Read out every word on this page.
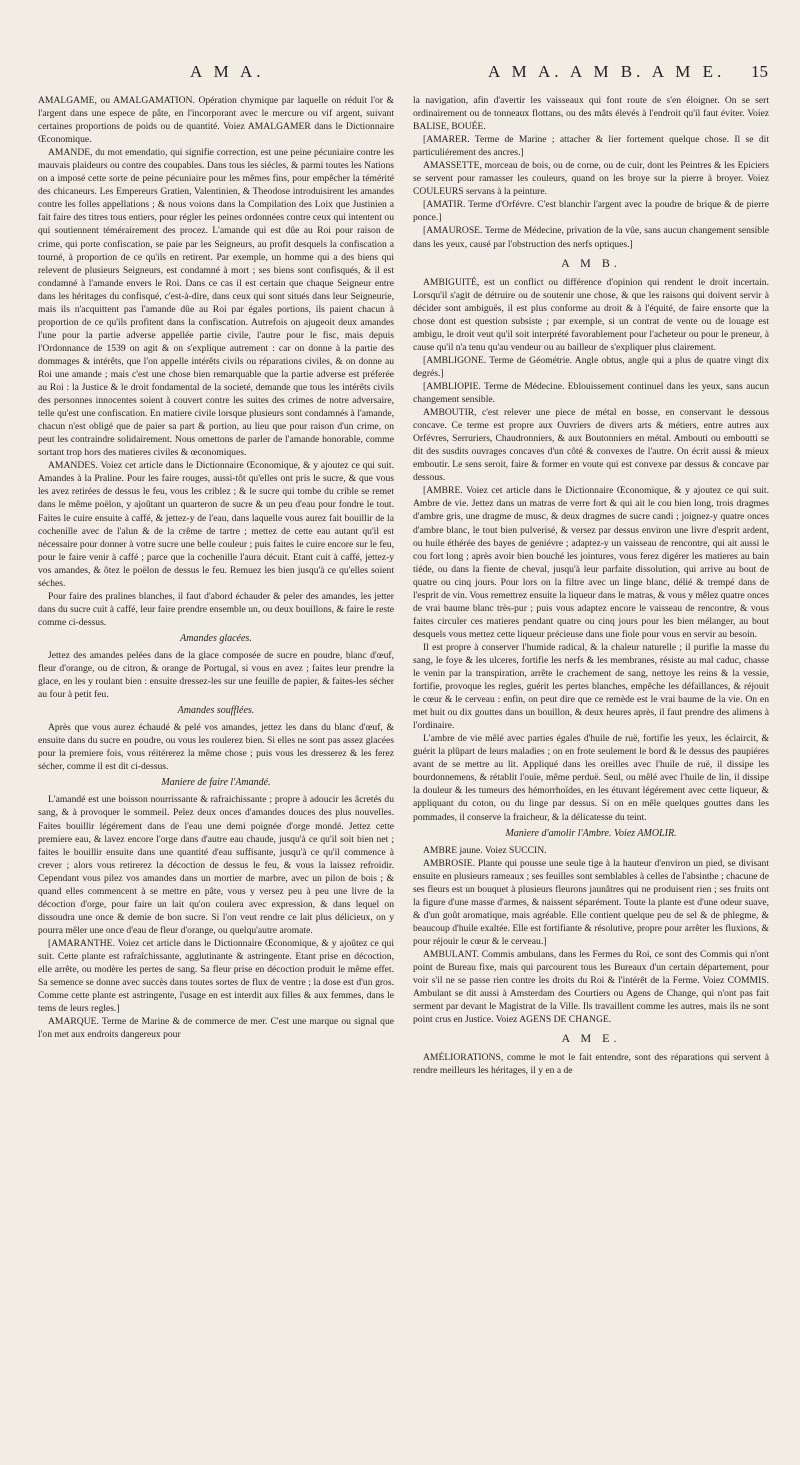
A M A.	A M A. A M B. A M E. 15

AMALGAME, ou AMALGAMATION. Opération chymique par laquelle on réduit l'or & l'argent dans une espece de pâte, en l'incorporant avec le mercure ou vif argent, suivant certaines proportions de poids ou de quantité. Voiez AMALGAMER dans le Dictionnaire Œconomique.

AMANDE, du mot emendatio, qui signifie correction, est une peine pécuniaire contre les mauvais plaideurs ou contre des coupables. Dans tous les siécles, & parmi toutes les Nations on a imposé cette sorte de peine pécuniaire pour les mêmes fins, pour empêcher la témérité des chicaneurs. Les Empereurs Gratien, Valentinien, & Theodose introduisirent les amandes contre les folles appellations ; & nous voions dans la Compilation des Loix que Justinien a fait faire des titres tous entiers, pour régler les peines ordonnées contre ceux qui intentent ou qui soutiennent témérairement des procez. L'amande qui est dûe au Roi pour raison de crime, qui porte confiscation, se paie par les Seigneurs, au profit desquels la confiscation a tourné, à proportion de ce qu'ils en retirent. Par exemple, un homme qui a des biens qui relevent de plusieurs Seigneurs, est condamné à mort ; ses biens sont confisqués, & il est condamné à l'amande envers le Roi. Dans ce cas il est certain que chaque Seigneur entre dans les héritages du confisqué, c'est-à-dire, dans ceux qui sont situés dans leur Seigneurie, mais ils n'acquittent pas l'amande dûe au Roi par égales portions, ils paient chacun à proportion de ce qu'ils profitent dans la confiscation. Autrefois on ajugeoit deux amandes l'une pour la partie adverse appellée partie civile, l'autre pour le fisc, mais depuis l'Ordonnance de 1539 on agit & on s'explique autrement : car on donne à la partie des dommages & intérêts, que l'on appelle intérêts civils ou réparations civiles, & on donne au Roi une amande ; mais c'est une chose bien remarquable que la partie adverse est préferée au Roi : la Justice & le droit fondamental de la societé, demande que tous les intérêts civils des personnes innocentes soient à couvert contre les suites des crimes de notre adversaire, telle qu'est une confiscation. En matiere civile lorsque plusieurs sont condamnés à l'amande, chacun n'est obligé que de paier sa part & portion, au lieu que pour raison d'un crime, on peut les contraindre solidairement. Nous omettons de parler de l'amande honorable, comme sortant trop hors des matieres civiles & œconomiques.

AMANDES. Voiez cet article dans le Dictionnaire Œconomique, & y ajoutez ce qui suit. Amandes à la Praline. Pour les faire rouges, aussi-tôt qu'elles ont pris le sucre, & que vous les avez retirées de dessus le feu, vous les criblez ; & le sucre qui tombe du crible se remet dans le même poëlon, y ajoûtant un quarteron de sucre & un peu d'eau pour fondre le tout. Faites le cuire ensuite à caffé, & jettez-y de l'eau, dans laquelle vous aurez fait bouillir de la cochenille avec de l'alun & de la crême de tartre ; mettez de cette eau autant qu'il est nécessaire pour donner à votre sucre une belle couleur ; puis faites le cuire encore sur le feu, pour le faire venir à caffé ; parce que la cochenille l'aura décuit. Etant cuit à caffé, jettez-y vos amandes, & ôtez le poëlon de dessus le feu. Remuez les bien jusqu'à ce qu'elles soient séches.

Pour faire des pralines blanches, il faut d'abord échauder & peler des amandes, les jetter dans du sucre cuit à caffé, leur faire prendre ensemble un, ou deux bouillons, & faire le reste comme ci-dessus.

Amandes glacées.

Jettez des amandes pelées dans de la glace composée de sucre en poudre, blanc d'œuf, fleur d'orange, ou de citron, & orange de Portugal, si vous en avez ; faites leur prendre la glace, en les y roulant bien : ensuite dressez-les sur une feuille de papier, & faites-les sécher au four à petit feu.

Amandes soufflées.

Après que vous aurez échaudé & pelé vos amandes, jettez les dans du blanc d'œuf, & ensuite dans du sucre en poudre, ou vous les roulerez bien. Si elles ne sont pas assez glacées pour la premiere fois, vous réitérerez la même chose ; puis vous les dresserez & les ferez sécher, comme il est dit ci-dessus.

Maniere de faire l'Amandé.

L'amandé est une boisson nourrissante & rafraichissante ; propre à adoucir les âcretés du sang, & à provoquer le sommeil. Pelez deux onces d'amandes douces des plus nouvelles. Faites bouillir légérement dans de l'eau une demi poignée d'orge mondé. Jettez cette premiere eau, & lavez encore l'orge dans d'autre eau chaude, jusqu'à ce qu'il soit bien net ; faites le bouillir ensuite dans une quantité d'eau suffisante, jusqu'à ce qu'il commence à crever ; alors vous retirerez la décoction de dessus le feu, & vous la laissez refroidir. Cependant vous pilez vos amandes dans un mortier de marbre, avec un pilon de bois ; & quand elles commencent à se mettre en pâte, vous y versez peu à peu une livre de la décoction d'orge, pour faire un lait qu'on coulera avec expression, & dans lequel on dissoudra une once & demie de bon sucre. Si l'on veut rendre ce lait plus délicieux, on y pourra mêler une once d'eau de fleur d'orange, ou quelqu'autre aromate.

[AMARANTHE. Voiez cet article dans le Dictionnaire Œconomique, & y ajoûtez ce qui suit. Cette plante est rafraîchissante, agglutinante & astringente. Etant prise en décoction, elle arrête, ou modère les pertes de sang. Sa fleur prise en décoction produit le même effet. Sa semence se donne avec succès dans toutes sortes de flux de ventre ; la dose est d'un gros. Comme cette plante est astringente, l'usage en est interdit aux filles & aux femmes, dans le tems de leurs regles.]

AMARQUE. Terme de Marine & de commerce de mer. C'est une marque ou signal que l'on met aux endroits dangereux pour

la navigation, afin d'avertir les vaisseaux qui font route de s'en éloigner. On se sert ordinairement ou de tonneaux flottans, ou des mâts élevés à l'endroit qu'il faut éviter. Voiez BALISE, BOUÉE.

[AMARER. Terme de Marine ; attacher & lier fortement quelque chose. Il se dit particuliérement des ancres.]

AMASSETTE, morceau de bois, ou de corne, ou de cuir, dont les Peintres & les Epiciers se servent pour ramasser les couleurs, quand on les broye sur la pierre à broyer. Voiez COULEURS servans à la peinture.

[AMATIR. Terme d'Orfévre. C'est blanchir l'argent avec la poudre de brique & de pierre ponce.]

[AMAUROSE. Terme de Médecine, privation de la vûe, sans aucun changement sensible dans les yeux, causé par l'obstruction des nerfs optiques.]

A M B.

AMBIGUITÉ, est un conflict ou différence d'opinion qui rendent le droit incertain. Lorsqu'il s'agit de détruire ou de soutenir une chose, & que les raisons qui doivent servir à décider sont ambiguës, il est plus conforme au droit & à l'équité, de faire ensorte que la chose dont est question subsiste ; par exemple, si un contrat de vente ou de louage est ambigu, le droit veut qu'il soit interprété favorablement pour l'acheteur ou pour le preneur, à cause qu'il n'a tenu qu'au vendeur ou au bailleur de s'expliquer plus clairement.

[AMBLIGONE. Terme de Géométrie. Angle obtus, angle qui a plus de quatre vingt dix degrés.]

[AMBLIOPIE. Terme de Médecine. Eblouissement continuel dans les yeux, sans aucun changement sensible.

AMBOUTIR, c'est relever une piece de métal en bosse, en conservant le dessous concave. Ce terme est propre aux Ouvriers de divers arts & métiers, entre autres aux Orfévres, Serruriers, Chaudronniers, & aux Boutonniers en métal. Ambouti ou emboutti se dit des susdits ouvrages concaves d'un côté & convexes de l'autre. On écrit aussi & mieux emboutir. Le sens seroit, faire & former en voute qui est convexe par dessus & concave par dessous.

[AMBRE. Voiez cet article dans le Dictionnaire Œconomique, & y ajoutez ce qui suit. Ambre de vie. Jettez dans un matras de verre fort & qui ait le cou bien long, trois dragmes d'ambre gris, une dragme de musc, & deux dragmes de sucre candi ; joignez-y quatre onces d'ambre blanc, le tout bien pulverisé, & versez par dessus environ une livre d'esprit ardent, ou huile éthérée des bayes de geniévre ; adaptez-y un vaisseau de rencontre, qui ait aussi le cou fort long ; après avoir bien bouché les jointures, vous ferez digérer les matieres au bain tiéde, ou dans la fiente de cheval, jusqu'à leur parfaite dissolution, qui arrive au bout de quatre ou cinq jours. Pour lors on la filtre avec un linge blanc, délié & trempé dans de l'esprit de vin. Vous remettrez ensuite la liqueur dans le matras, & vous y mêlez quatre onces de vrai baume blanc très-pur ; puis vous adaptez encore le vaisseau de rencontre, & vous faites circuler ces matieres pendant quatre ou cinq jours pour les bien mélanger, au bout desquels vous mettez cette liqueur précieuse dans une fiole pour vous en servir au besoin.

Il est propre à conserver l'humide radical, & la chaleur naturelle ; il purifie la masse du sang, le foye & les ulceres, fortifie les nerfs & les membranes, résiste au mal caduc, chasse le venin par la transpiration, arrête le crachement de sang, nettoye les reins & la vessie, fortifie, provoque les regles, guérit les pertes blanches, empêche les défaillances, & réjouit le cœur & le cerveau : enfin, on peut dire que ce remède est le vrai baume de la vie. On en met huit ou dix gouttes dans un bouillon, & deux heures après, il faut prendre des alimens à l'ordinaire.

L'ambre de vie mêlé avec parties égales d'huile de ruë, fortifie les yeux, les éclaircit, & guérit la plûpart de leurs maladies ; on en frote seulement le bord & le dessus des paupiéres avant de se mettre au lit. Appliqué dans les oreilles avec l'huile de ruë, il dissipe les bourdonnemens, & rétablit l'ouïe, même perduë. Seul, ou mêlé avec l'huile de lin, il dissipe la douleur & les tumeurs des hémorrhoïdes, en les étuvant légérement avec cette liqueur, & appliquant du coton, ou du linge par dessus. Si on en mêle quelques gouttes dans les pommades, il conserve la fraicheur, & la délicatesse du teint.

Maniere d'amolir l'Ambre. Voiez AMOLIR.

AMBRE jaune. Voiez SUCCIN.

AMBROSIE. Plante qui pousse une seule tige à la hauteur d'environ un pied, se divisant ensuite en plusieurs rameaux ; ses feuilles sont semblables à celles de l'absinthe ; chacune de ses fleurs est un bouquet à plusieurs fleurons jaunâtres qui ne produisent rien ; ses fruits ont la figure d'une masse d'armes, & naissent séparément. Toute la plante est d'une odeur suave, & d'un goût aromatique, mais agréable. Elle contient quelque peu de sel & de phlegme, & beaucoup d'huile exaltée. Elle est fortifiante & résolutive, propre pour arrêter les fluxions, & pour réjouir le cœur & le cerveau.]

AMBULANT. Commis ambulans, dans les Fermes du Roi, ce sont des Commis qui n'ont point de Bureau fixe, mais qui parcourent tous les Bureaux d'un certain département, pour voir s'il ne se passe rien contre les droits du Roi & l'intérêt de la Ferme. Voiez COMMIS. Ambulant se dit aussi à Amsterdam des Courtiers ou Agens de Change, qui n'ont pas fait serment par devant le Magistrat de la Ville. Ils travaillent comme les autres, mais ils ne sont point crus en Justice. Voiez AGENS DE CHANGE.

A M E.

AMÉLIORATIONS, comme le mot le fait entendre, sont des réparations qui servent à rendre meilleurs les héritages, il y en a de
